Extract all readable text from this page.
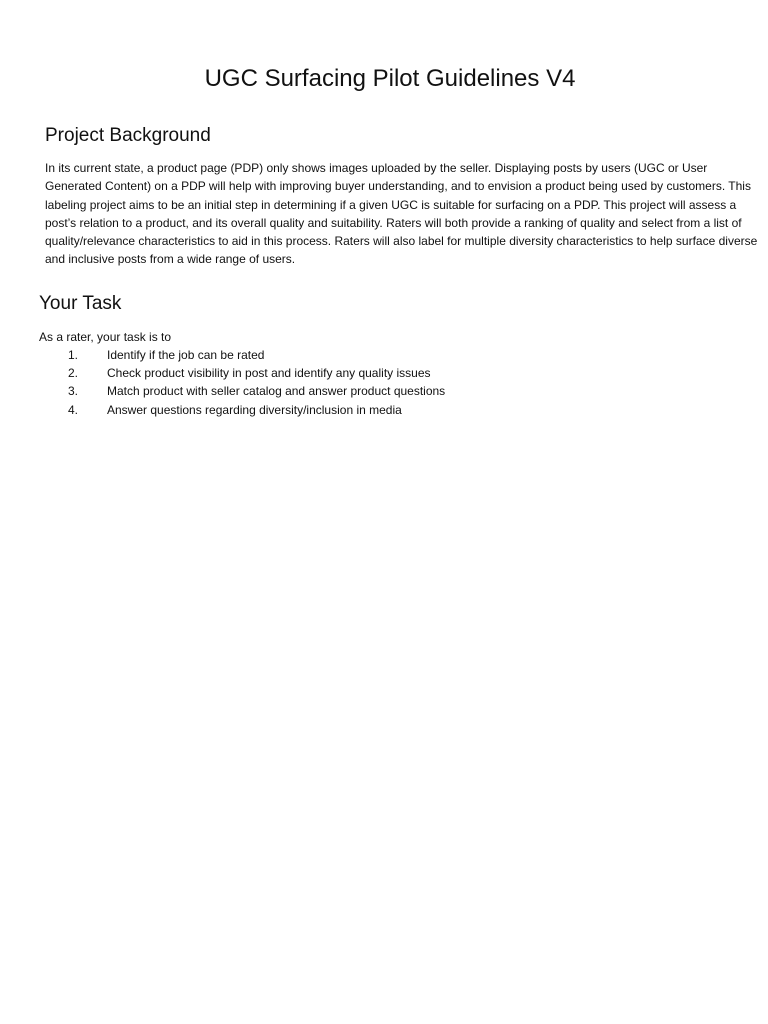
UGC Surfacing Pilot Guidelines V4
Project Background

In its current state, a product page (PDP) only shows images uploaded by the seller. Displaying posts by users (UGC or User Generated Content) on a PDP will help with improving buyer understanding, and to envision a product being used by customers. This labeling project aims to be an initial step in determining if a given UGC is suitable for surfacing on a PDP. This project will assess a post’s relation to a product, and its overall quality and suitability. Raters will both provide a ranking of quality and select from a list of quality/relevance characteristics to aid in this process. Raters will also label for multiple diversity characteristics to help surface diverse and inclusive posts from a wide range of users.

Your Task

As a rater, your task is to

1.	Identify if the job can be rated
2.	Check product visibility in post and identify any quality issues
3.	Match product with seller catalog and answer product questions
4.	Answer questions regarding diversity/inclusion in media
